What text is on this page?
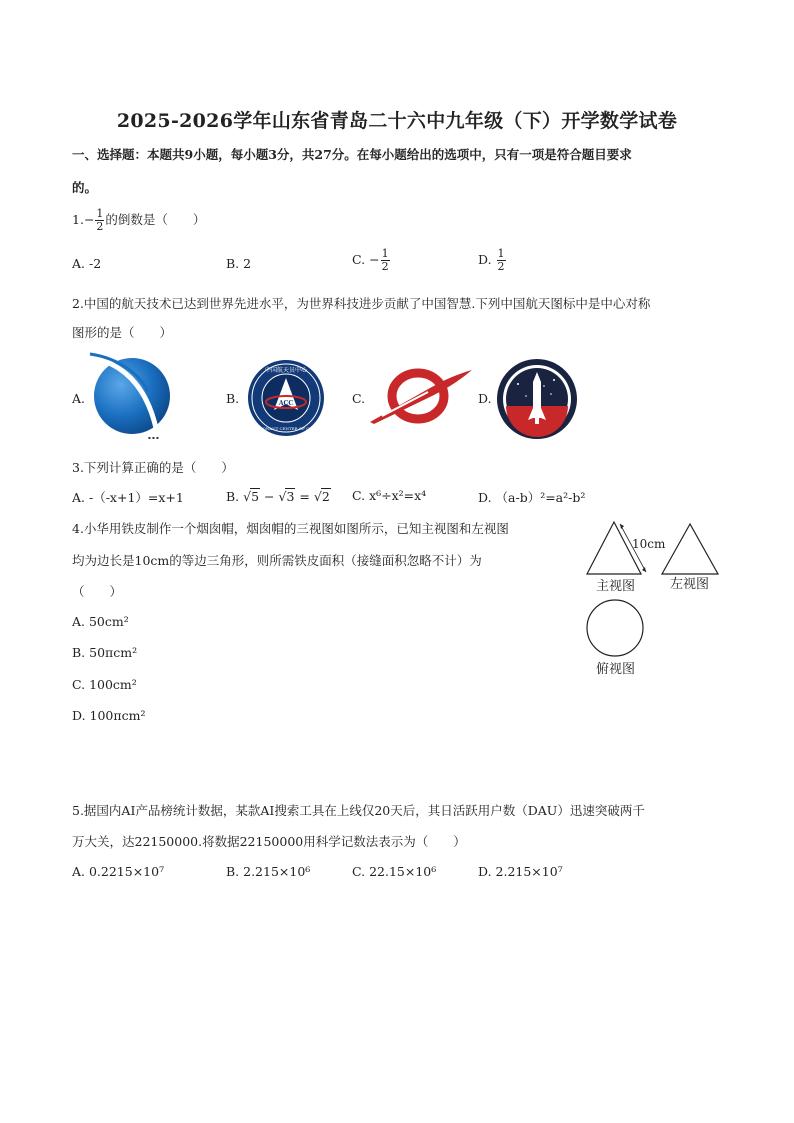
2025-2026学年山东省青岛二十六中九年级（下）开学数学试卷
一、选择题：本题共9小题，每小题3分，共27分。在每小题给出的选项中，只有一项是符合题目要求
的。
$1.- \frac{1}{2}$ 的倒数是（　　）
A. -2	B. 2	C. − $\frac{1}{2}$	D. $\frac{1}{2}$
2.中国的航天技术已达到世界先进水平，为世界科技进步贡献了中国智慧.下列中国航天图标中是中心对称
图形的是（　　）
A.
▪ ▪ ▪
B.	ACC
中国航天员中心
ASTRONAUT CENTER OF CHINA
C.	D.
3.下列计算正确的是（　　）
A. -（-x+1）=x+1	B. √5 − √3 = √2 C. x⁶÷x²=x⁴	D. （a-b）²=a²-b²
4.小华用铁皮制作一个烟囱帽，烟囱帽的三视图如图所示，已知主视图和左视图
均为边长是10cm的等边三角形，则所需铁皮面积（接缝面积忽略不计）为
（　　）
A. 50cm²
B. 50πcm²
C. 100cm²
D. 100πcm²
10cm
主视图	左视图
俯视图
5.据国内AI产品榜统计数据，某款AI搜索工具在上线仅20天后，其日活跃用户数（DAU）迅速突破两千
万大关，达22150000.将数据22150000用科学记数法表示为（　　）
A. 0.2215×10⁷	B. 2.215×10⁶	C. 22.15×10⁶	D. 2.215×10⁷
